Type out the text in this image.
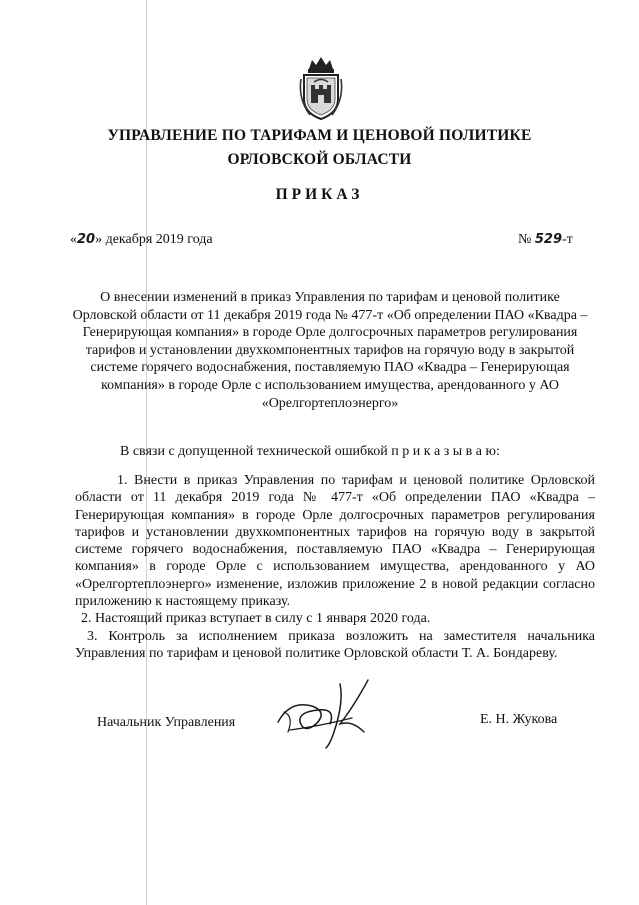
УПРАВЛЕНИЕ ПО ТАРИФАМ И ЦЕНОВОЙ ПОЛИТИКЕ
ОРЛОВСКОЙ ОБЛАСТИ
ПРИКАЗ
«20» декабря 2019 года	№ 529-т
О внесении изменений в приказ Управления по тарифам и ценовой политике Орловской области от 11 декабря 2019 года № 477-т «Об определении ПАО «Квадра – Генерирующая компания» в городе Орле долгосрочных параметров регулирования тарифов и установлении двухкомпонентных тарифов на горячую воду в закрытой системе горячего водоснабжения, поставляемую ПАО «Квадра – Генерирующая компания» в городе Орле с использованием имущества, арендованного у АО «Орелгортеплоэнерго»
В связи с допущенной технической ошибкой п р и к а з ы в а ю:

1. Внести в приказ Управления по тарифам и ценовой политике Орловской области от 11 декабря 2019 года № 477-т «Об определении ПАО «Квадра – Генерирующая компания» в городе Орле долгосрочных параметров регулирования тарифов и установлении двухкомпонентных тарифов на горячую воду в закрытой системе горячего водоснабжения, поставляемую ПАО «Квадра – Генерирующая компания» в городе Орле с использованием имущества, арендованного у АО «Орелгортеплоэнерго» изменение, изложив приложение 2 в новой редакции согласно приложению к настоящему приказу.

2. Настоящий приказ вступает в силу с 1 января 2020 года.

3. Контроль за исполнением приказа возложить на заместителя начальника Управления по тарифам и ценовой политике Орловской области Т. А. Бондареву.

Начальник Управления	Е. Н. Жукова
